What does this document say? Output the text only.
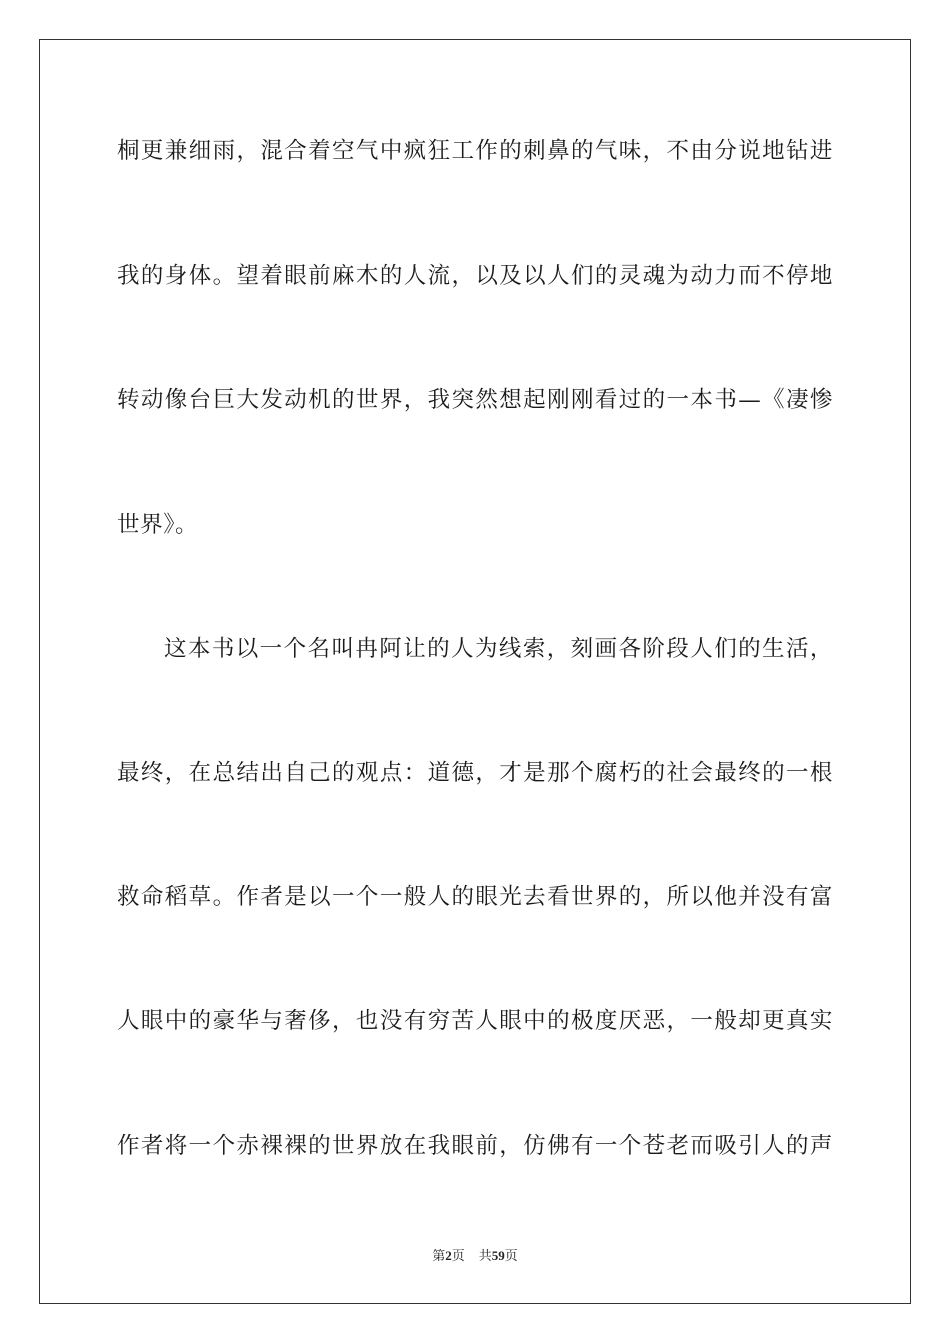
桐更兼细雨，混合着空气中疯狂工作的刺鼻的气味，不由分说地钻进
我的身体。望着眼前麻木的人流，以及以人们的灵魂为动力而不停地
转动像台巨大发动机的世界，我突然想起刚刚看过的一本书—《凄惨
世界》。
这本书以一个名叫冉阿让的人为线索，刻画各阶段人们的生活，
最终，在总结出自己的观点：道德，才是那个腐朽的社会最终的一根
救命稻草。作者是以一个一般人的眼光去看世界的，所以他并没有富
人眼中的豪华与奢侈，也没有穷苦人眼中的极度厌恶，一般却更真实
作者将一个赤裸裸的世界放在我眼前，仿佛有一个苍老而吸引人的声
第2页 共59页
